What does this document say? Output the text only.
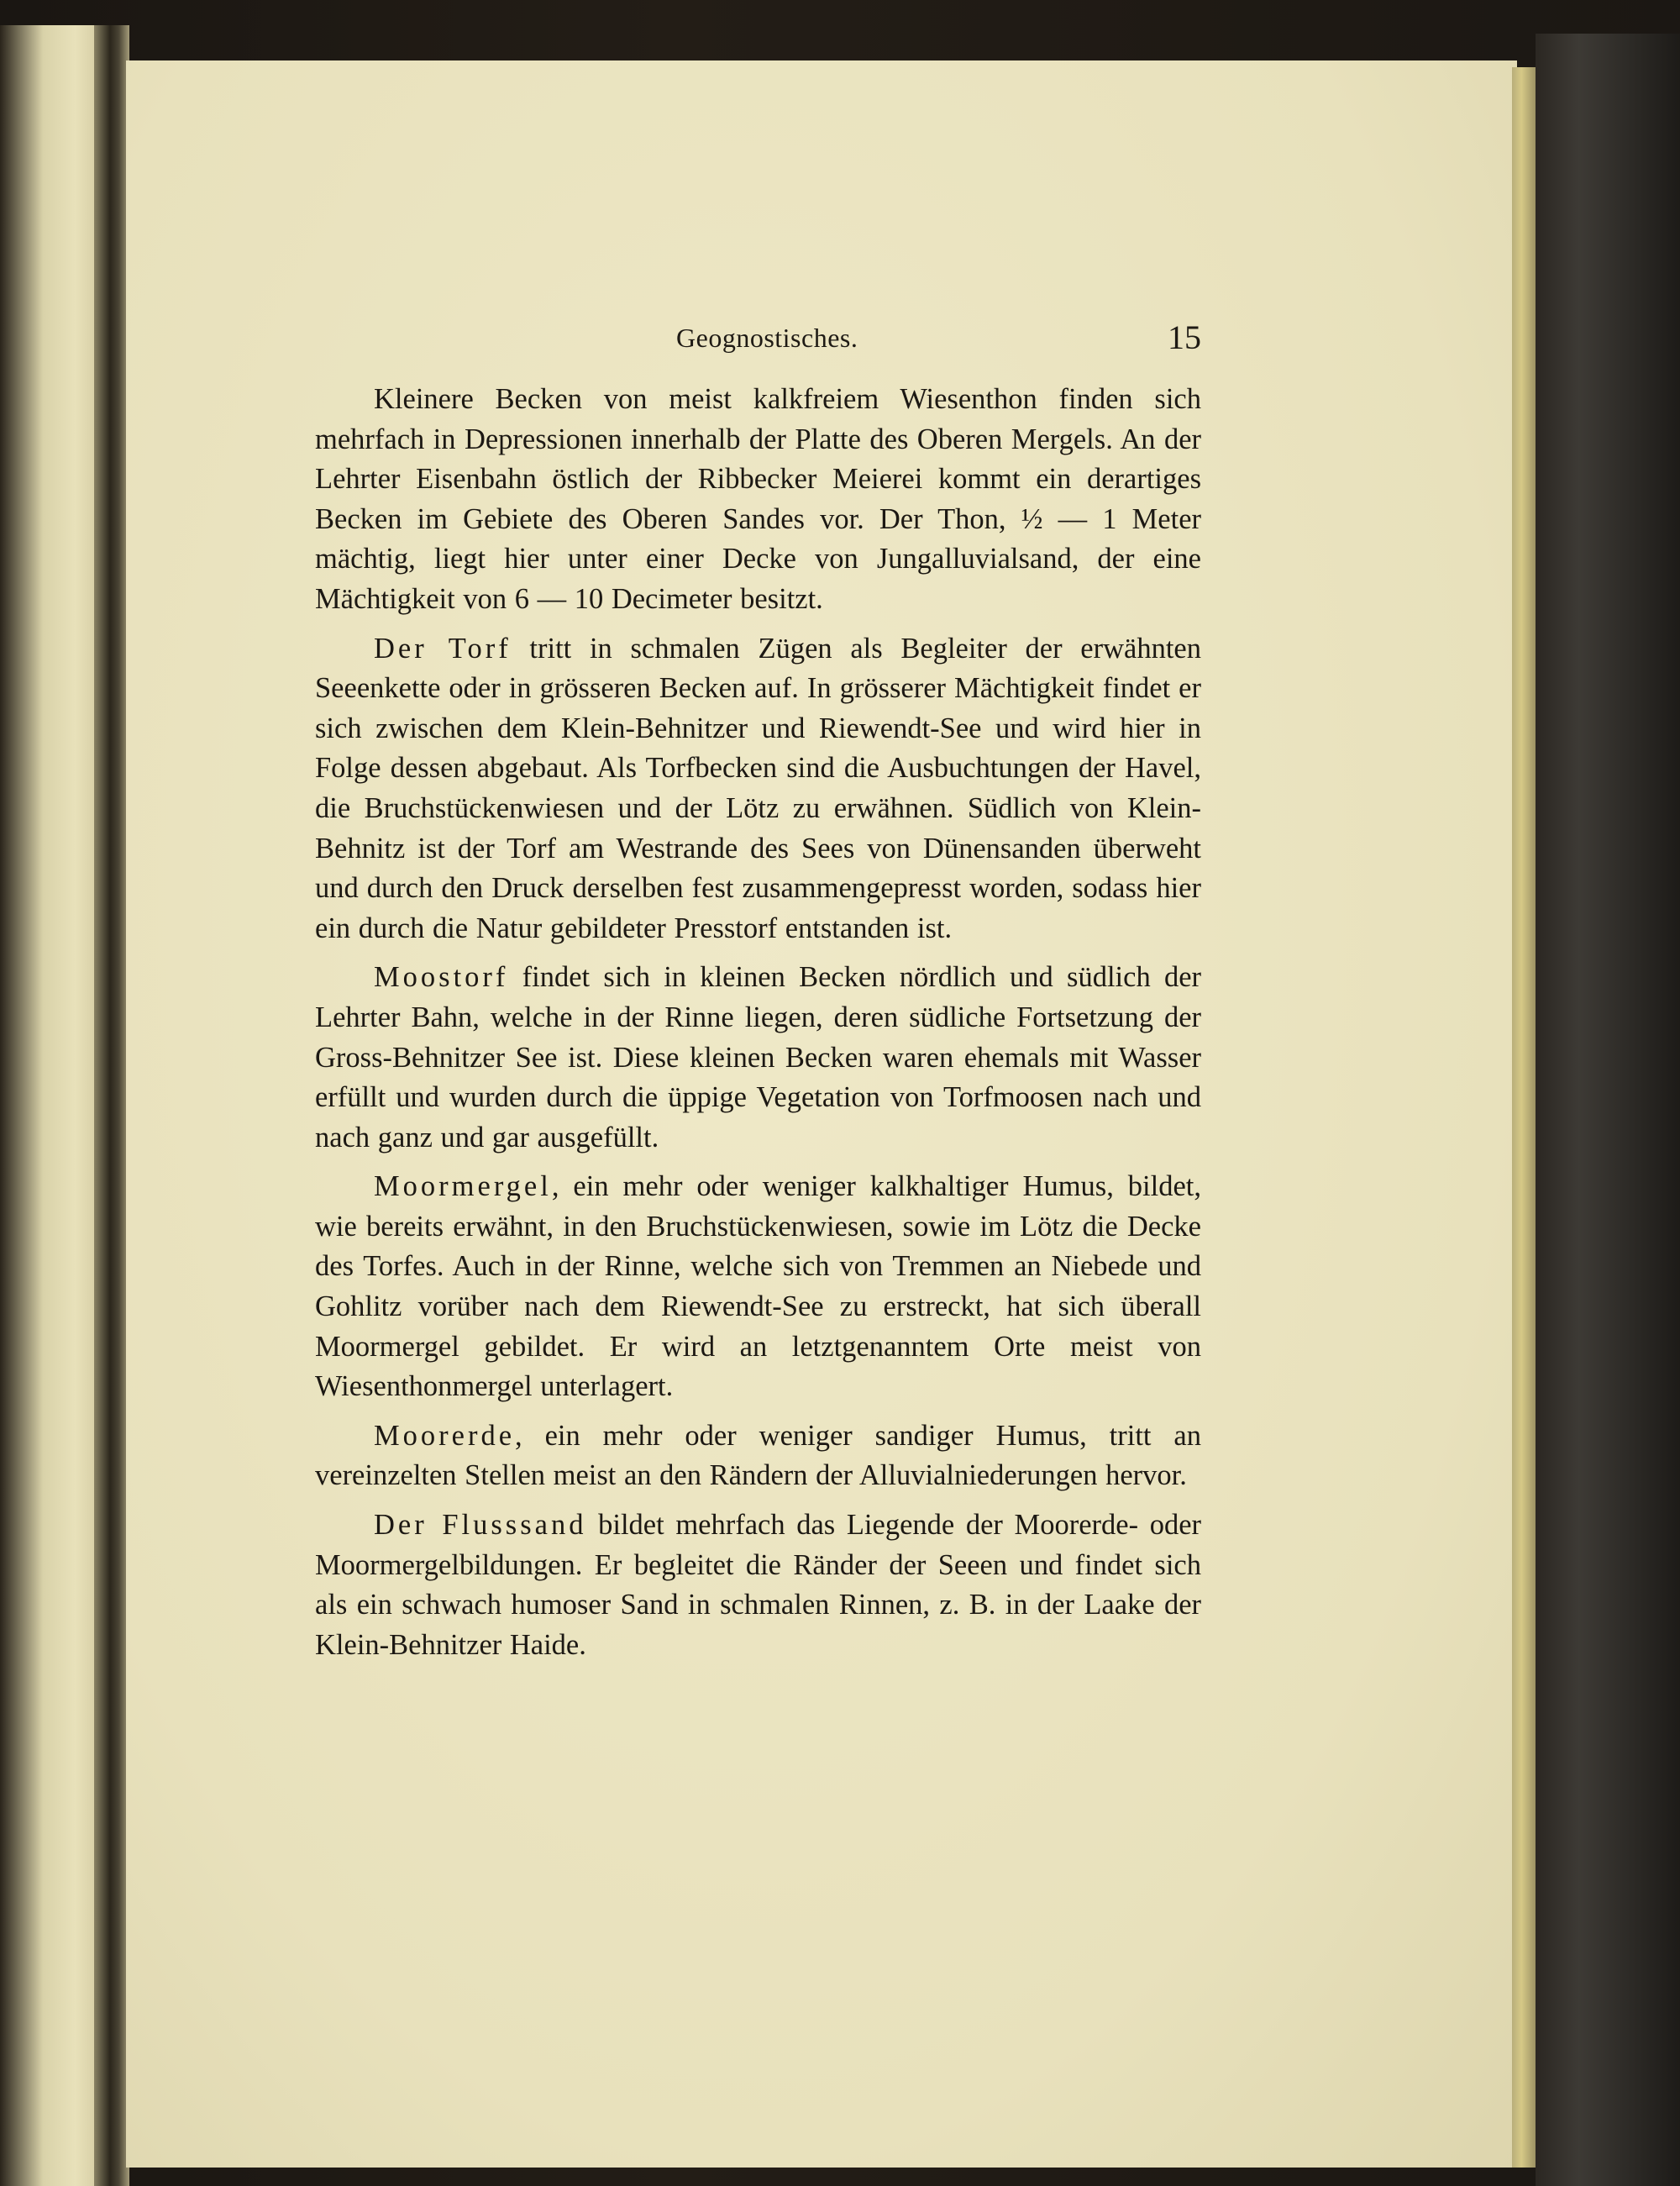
Geognostisches.	15

Kleinere Becken von meist kalkfreiem Wiesenthon finden sich mehrfach in Depressionen innerhalb der Platte des Oberen Mergels. An der Lehrter Eisenbahn östlich der Ribbecker Meierei kommt ein derartiges Becken im Gebiete des Oberen Sandes vor. Der Thon, ½ — 1 Meter mächtig, liegt hier unter einer Decke von Jungalluvialsand, der eine Mächtigkeit von 6 — 10 Decimeter besitzt.

Der Torf tritt in schmalen Zügen als Begleiter der erwähnten Seeenkette oder in grösseren Becken auf. In grösserer Mächtigkeit findet er sich zwischen dem Klein-Behnitzer und Riewendt-See und wird hier in Folge dessen abgebaut. Als Torfbecken sind die Ausbuchtungen der Havel, die Bruchstückenwiesen und der Lötz zu erwähnen. Südlich von Klein-Behnitz ist der Torf am Westrande des Sees von Dünensanden überweht und durch den Druck derselben fest zusammengepresst worden, sodass hier ein durch die Natur gebildeter Presstorf entstanden ist.

Moostorf findet sich in kleinen Becken nördlich und südlich der Lehrter Bahn, welche in der Rinne liegen, deren südliche Fortsetzung der Gross-Behnitzer See ist. Diese kleinen Becken waren ehemals mit Wasser erfüllt und wurden durch die üppige Vegetation von Torfmoosen nach und nach ganz und gar ausgefüllt.

Moormergel, ein mehr oder weniger kalkhaltiger Humus, bildet, wie bereits erwähnt, in den Bruchstückenwiesen, sowie im Lötz die Decke des Torfes. Auch in der Rinne, welche sich von Tremmen an Niebede und Gohlitz vorüber nach dem Riewendt-See zu erstreckt, hat sich überall Moormergel gebildet. Er wird an letztgenanntem Orte meist von Wiesenthonmergel unterlagert.

Moorerde, ein mehr oder weniger sandiger Humus, tritt an vereinzelten Stellen meist an den Rändern der Alluvialniederungen hervor.

Der Flusssand bildet mehrfach das Liegende der Moorerde- oder Moormergelbildungen. Er begleitet die Ränder der Seeen und findet sich als ein schwach humoser Sand in schmalen Rinnen, z. B. in der Laake der Klein-Behnitzer Haide.
